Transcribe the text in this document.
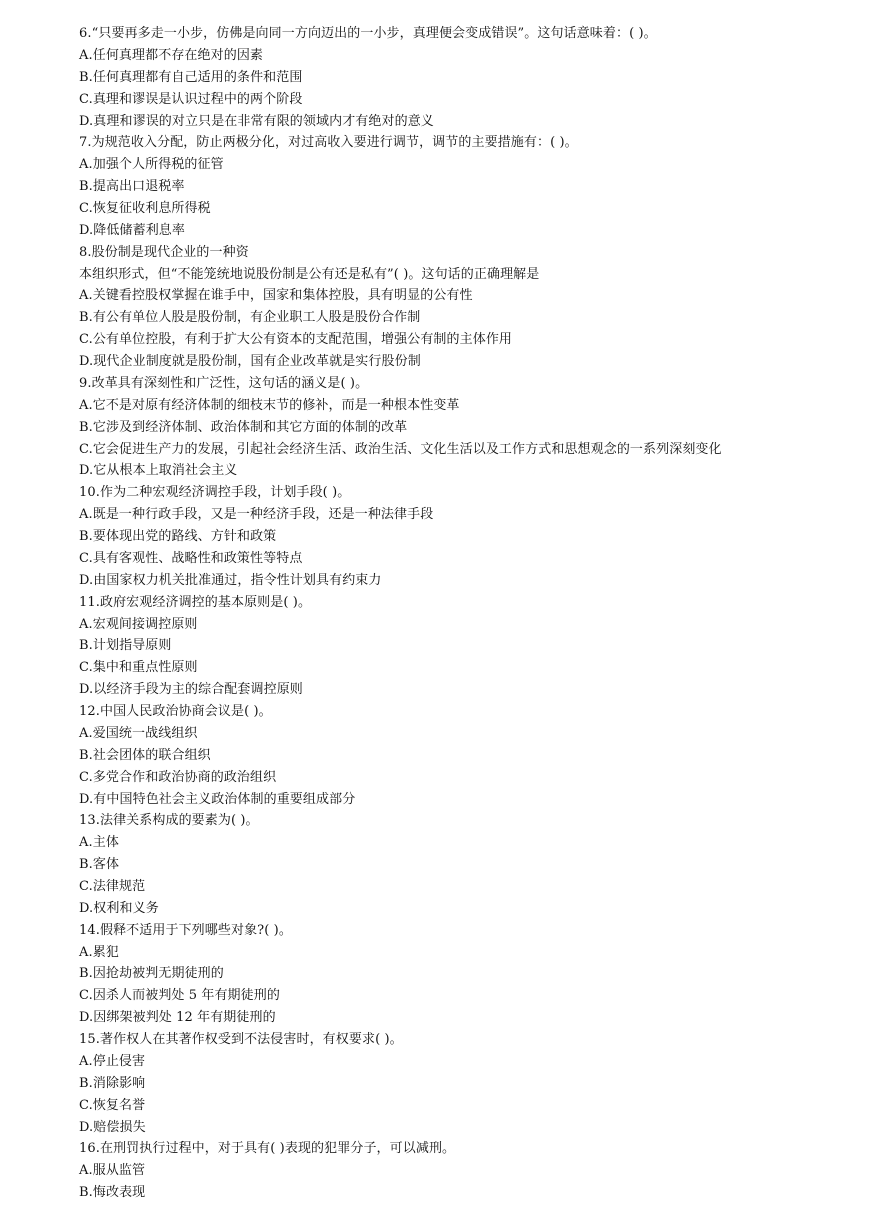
6.“只要再多走一小步，仿佛是向同一方向迈出的一小步，真理便会变成错误”。这句话意味着：( )。
A.任何真理都不存在绝对的因素
B.任何真理都有自己适用的条件和范围
C.真理和谬误是认识过程中的两个阶段
D.真理和谬误的对立只是在非常有限的领域内才有绝对的意义
7.为规范收入分配，防止两极分化，对过高收入要进行调节，调节的主要措施有：( )。
A.加强个人所得税的征管
B.提高出口退税率
C.恢复征收利息所得税
D.降低储蓄利息率
8.股份制是现代企业的一种资
本组织形式，但“不能笼统地说股份制是公有还是私有”( )。这句话的正确理解是
A.关键看控股权掌握在谁手中，国家和集体控股，具有明显的公有性
B.有公有单位人股是股份制，有企业职工人股是股份合作制
C.公有单位控股，有利于扩大公有资本的支配范围，增强公有制的主体作用
D.现代企业制度就是股份制，国有企业改革就是实行股份制
9.改革具有深刻性和广泛性，这句话的涵义是( )。
A.它不是对原有经济体制的细枝末节的修补，而是一种根本性变革
B.它涉及到经济体制、政治体制和其它方面的体制的改革
C.它会促进生产力的发展，引起社会经济生活、政治生活、文化生活以及工作方式和思想观念的一系列深刻变化
D.它从根本上取消社会主义
10.作为二种宏观经济调控手段，计划手段( )。
A.既是一种行政手段，又是一种经济手段，还是一种法律手段
B.要体现出党的路线、方针和政策
C.具有客观性、战略性和政策性等特点
D.由国家权力机关批准通过，指令性计划具有约束力
11.政府宏观经济调控的基本原则是( )。
A.宏观间接调控原则
B.计划指导原则
C.集中和重点性原则
D.以经济手段为主的综合配套调控原则
12.中国人民政治协商会议是( )。
A.爱国统一战线组织
B.社会团体的联合组织
C.多党合作和政治协商的政治组织
D.有中国特色社会主义政治体制的重要组成部分
13.法律关系构成的要素为( )。
A.主体
B.客体
C.法律规范
D.权利和义务
14.假释不适用于下列哪些对象?( )。
A.累犯
B.因抢劫被判无期徒刑的
C.因杀人而被判处 5 年有期徒刑的
D.因绑架被判处 12 年有期徒刑的
15.著作权人在其著作权受到不法侵害时，有权要求( )。
A.停止侵害
B.消除影响
C.恢复名誉
D.赔偿损失
16.在刑罚执行过程中，对于具有( )表现的犯罪分子，可以减刑。
A.服从监管
B.悔改表现
